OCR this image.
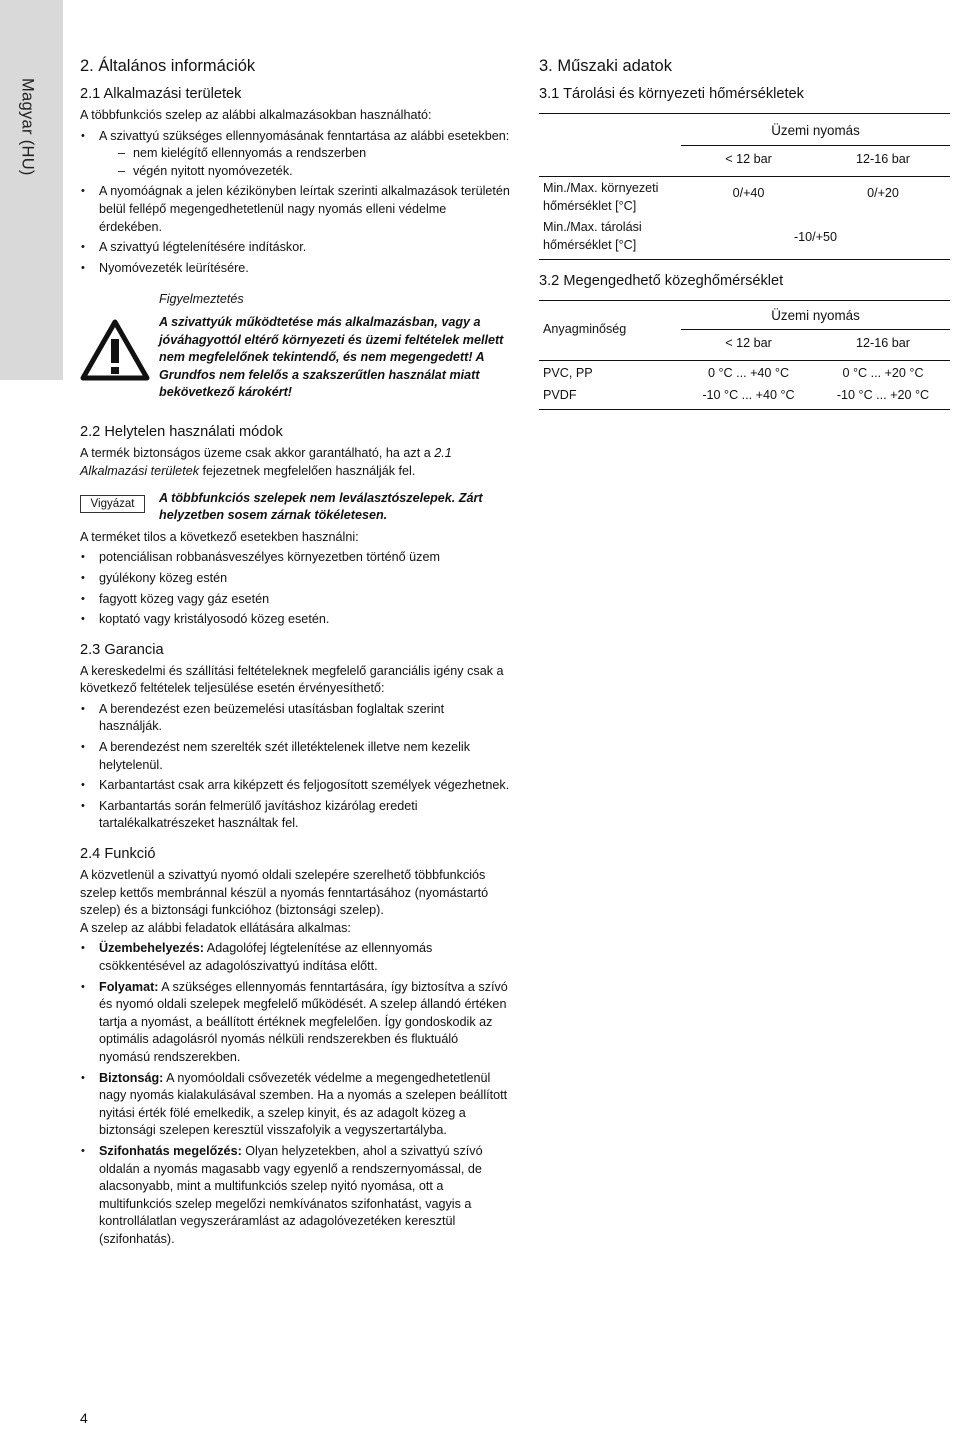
Magyar (HU)
2. Általános információk
2.1 Alkalmazási területek

A többfunkciós szelep az alábbi alkalmazásokban használható:

• A szivattyú szükséges ellennyomásának fenntartása az alábbi esetekben:
– nem kielégítő ellennyomás a rendszerben
– végén nyitott nyomóvezeték.
• A nyomóágnak a jelen kézikönyben leírtak szerinti alkalmazások területén belül fellépő megengedhetetlenül nagy nyomás elleni védelme érdekében.
• A szivattyú légtelenítésére indításkor.
• Nyomóvezeték leürítésére.
Figyelmeztetés
A szivattyúk működtetése más alkalmazásban, vagy a jóváhagyottól eltérő környezeti és üzemi feltételek mellett nem megfelelőnek tekintendő, és nem megengedett! A Grundfos nem felelős a szakszerűtlen használat miatt bekövetkező károkért!
2.2 Helytelen használati módok

A termék biztonságos üzeme csak akkor garantálható, ha azt a 2.1 Alkalmazási területek fejezetnek megfelelően használják fel.

Vigyázat	A többfunkciós szelepek nem leválasztószelepek. Zárt helyzetben sosem zárnak tökéletesen.

A terméket tilos a következő esetekben használni:

• potenciálisan robbanásveszélyes környezetben történő üzem
• gyúlékony közeg estén
• fagyott közeg vagy gáz esetén
• koptató vagy kristályosodó közeg esetén.
2.3 Garancia

A kereskedelmi és szállítási feltételeknek megfelelő garanciális igény csak a következő feltételek teljesülése esetén érvényesíthető:

• A berendezést ezen beüzemelési utasításban foglaltak szerint használják.
• A berendezést nem szerelték szét illetéktelenek illetve nem kezelik helytelenül.
• Karbantartást csak arra kiképzett és feljogosított személyek végezhetnek.
• Karbantartás során felmerülő javításhoz kizárólag eredeti tartalékalkatrészeket használtak fel.
2.4 Funkció

A közvetlenül a szivattyú nyomó oldali szelepére szerelhető többfunkciós szelep kettős membránnal készül a nyomás fenntartásához (nyomástartó szelep) és a biztonsági funkcióhoz (biztonsági szelep).

A szelep az alábbi feladatok ellátására alkalmas:

• Üzembehelyezés: Adagolófej légtelenítése az ellennyomás csökkentésével az adagolószivattyú indítása előtt.
• Folyamat: A szükséges ellennyomás fenntartására, így biztosítva a szívó és nyomó oldali szelepek megfelelő működését. A szelep állandó értéken tartja a nyomást, a beállított értéknek megfelelően. Így gondoskodik az optimális adagolásról nyomás nélküli rendszerekben és fluktuáló nyomású rendszerekben.
• Biztonság: A nyomóoldali csővezeték védelme a megengedhetetlenül nagy nyomás kialakulásával szemben. Ha a nyomás a szelepen beállított nyitási érték fölé emelkedik, a szelep kinyit, és az adagolt közeg a biztonsági szelepen keresztül visszafolyik a vegyszertartályba.
• Szifonhatás megelőzés: Olyan helyzetekben, ahol a szivattyú szívó oldalán a nyomás magasabb vagy egyenlő a rendszernyomással, de alacsonyabb, mint a multifunkciós szelep nyitó nyomása, ott a multifunkciós szelep megelőzi nemkívánatos szifonhatást, vagyis a kontrollálatlan vegyszeráramlást az adagolóvezetéken keresztül (szifonhatás).
3. Műszaki adatok
3.1 Tárolási és környezeti hőmérsékletek
	Üzemi nyomás	
	< 12 bar	12-16 bar
Min./Max. környezeti hőmérséklet [°C]	0/+40	0/+20
Min./Max. tárolási hőmérséklet [°C]	-10/+50	
3.2 Megengedhető közeghőmérséklet
Anyagminőség	Üzemi nyomás	
	< 12 bar	12-16 bar
PVC, PP	0 °C ... +40 °C	0 °C ... +20 °C
PVDF	-10 °C ... +40 °C	-10 °C ... +20 °C
4
